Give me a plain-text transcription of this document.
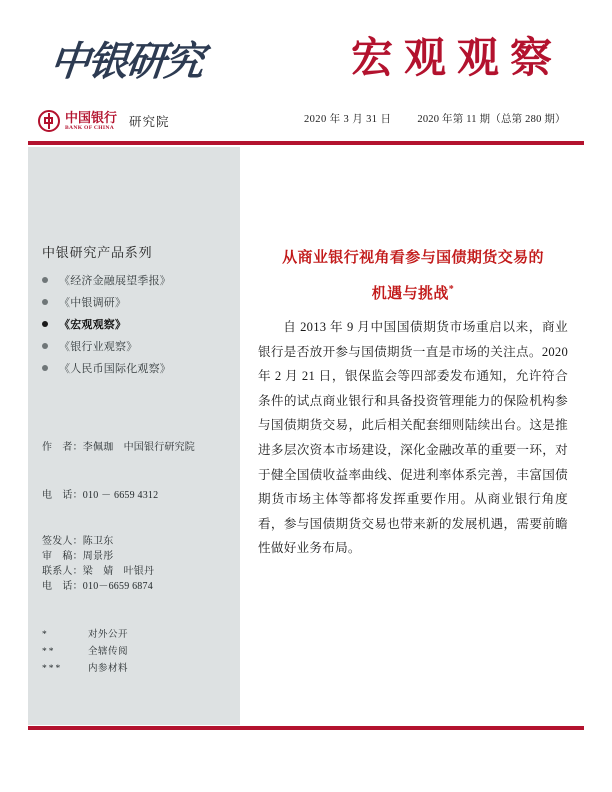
中银研究	宏观观察
中国银行
BANK OF CHINA 研究院	2020 年 3 月 31 日 2020 年第 11 期（总第 280 期）
中银研究产品系列
《经济金融展望季报》
《中银调研》
《宏观观察》
《银行业观察》
《人民币国际化观察》
作　者：李佩珈　中国银行研究院
电　话：010 － 6659 4312
签发人：陈卫东
审　稿：周景彤
联系人：梁　婧　叶银丹
电　话：010－6659 6874
*	对外公开
**	全辖传阅
***	内参材料
从商业银行视角看参与国债期货交易的
机遇与挑战*
自 2013 年 9 月中国国债期货市场重启以来，商业银行是否放开参与国债期货一直是市场的关注点。2020 年 2 月 21 日，银保监会等四部委发布通知，允许符合条件的试点商业银行和具备投资管理能力的保险机构参与国债期货交易，此后相关配套细则陆续出台。这是推进多层次资本市场建设，深化金融改革的重要一环，对于健全国债收益率曲线、促进利率体系完善，丰富国债期货市场主体等都将发挥重要作用。从商业银行角度看，参与国债期货交易也带来新的发展机遇，需要前瞻性做好业务布局。
